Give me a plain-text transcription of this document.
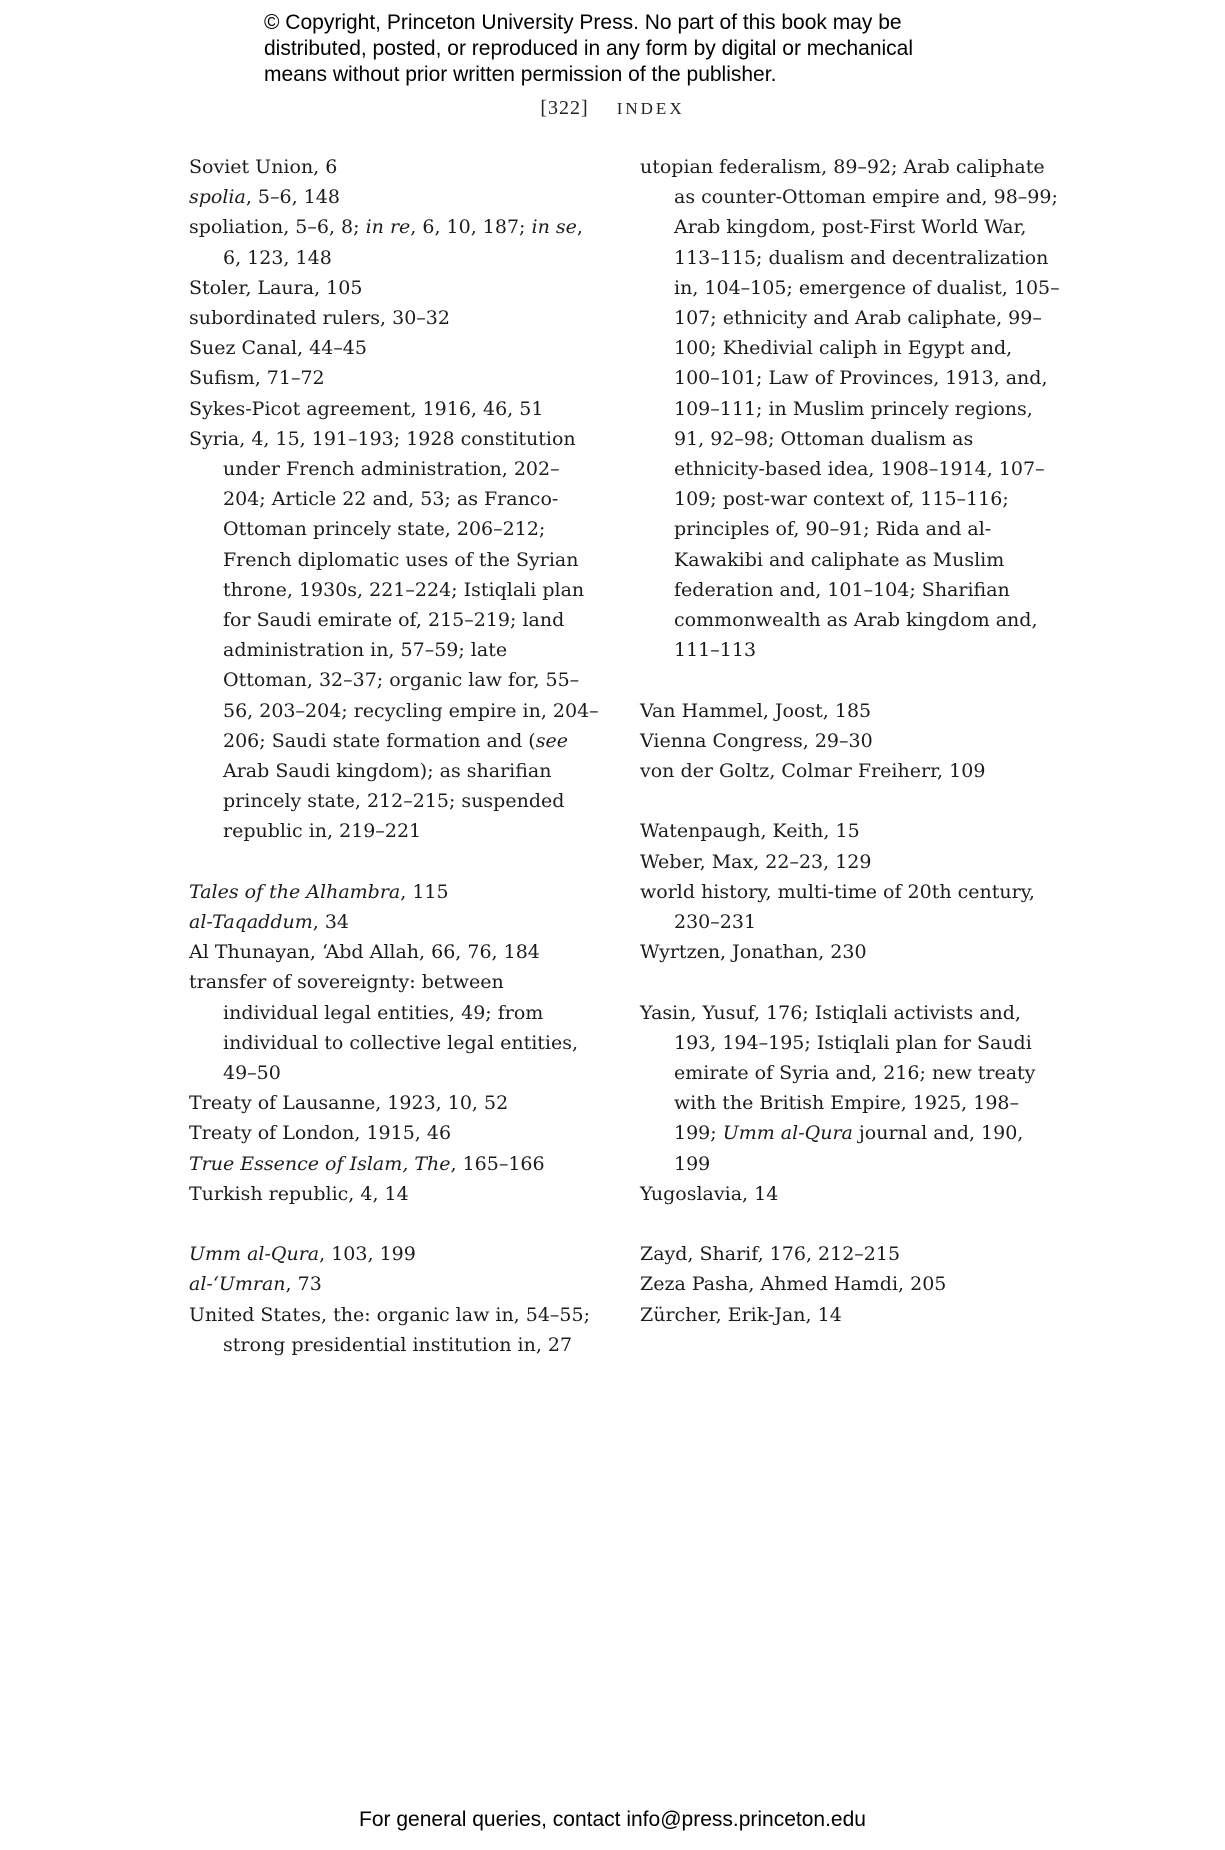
© Copyright, Princeton University Press. No part of this book may be
distributed, posted, or reproduced in any form by digital or mechanical
means without prior written permission of the publisher.
[322] INDEX

Soviet Union, 6

spolia, 5–6, 148

spoliation, 5–6, 8; in re, 6, 10, 187; in se, 6, 123, 148

Stoler, Laura, 105

subordinated rulers, 30–32

Suez Canal, 44–45

Sufism, 71–72

Sykes-Picot agreement, 1916, 46, 51

Syria, 4, 15, 191–193; 1928 constitution under French administration, 202–204; Article 22 and, 53; as Franco-Ottoman princely state, 206–212; French diplomatic uses of the Syrian throne, 1930s, 221–224; Istiqlali plan for Saudi emirate of, 215–219; land administration in, 57–59; late Ottoman, 32–37; organic law for, 55–56, 203–204; recycling empire in, 204–206; Saudi state formation and (see Arab Saudi kingdom); as sharifian princely state, 212–215; suspended republic in, 219–221

Tales of the Alhambra, 115

al-Taqaddum, 34

Al Thunayan, ʻAbd Allah, 66, 76, 184

transfer of sovereignty: between individual legal entities, 49; from individual to collective legal entities, 49–50

Treaty of Lausanne, 1923, 10, 52

Treaty of London, 1915, 46

True Essence of Islam, The, 165–166

Turkish republic, 4, 14

Umm al-Qura, 103, 199

al-ʻUmran, 73

United States, the: organic law in, 54–55; strong presidential institution in, 27

utopian federalism, 89–92; Arab caliphate as counter-Ottoman empire and, 98–99; Arab kingdom, post-First World War, 113–115; dualism and decentralization in, 104–105; emergence of dualist, 105–107; ethnicity and Arab caliphate, 99–100; Khedivial caliph in Egypt and, 100–101; Law of Provinces, 1913, and, 109–111; in Muslim princely regions, 91, 92–98; Ottoman dualism as ethnicity-based idea, 1908–1914, 107–109; post-war context of, 115–116; principles of, 90–91; Rida and al-Kawakibi and caliphate as Muslim federation and, 101–104; Sharifian commonwealth as Arab kingdom and, 111–113

Van Hammel, Joost, 185

Vienna Congress, 29–30

von der Goltz, Colmar Freiherr, 109

Watenpaugh, Keith, 15

Weber, Max, 22–23, 129

world history, multi-time of 20th century, 230–231

Wyrtzen, Jonathan, 230

Yasin, Yusuf, 176; Istiqlali activists and, 193, 194–195; Istiqlali plan for Saudi emirate of Syria and, 216; new treaty with the British Empire, 1925, 198–199; Umm al-Qura journal and, 190, 199

Yugoslavia, 14

Zayd, Sharif, 176, 212–215

Zeza Pasha, Ahmed Hamdi, 205

Zürcher, Erik-Jan, 14

For general queries, contact info@press.princeton.edu
